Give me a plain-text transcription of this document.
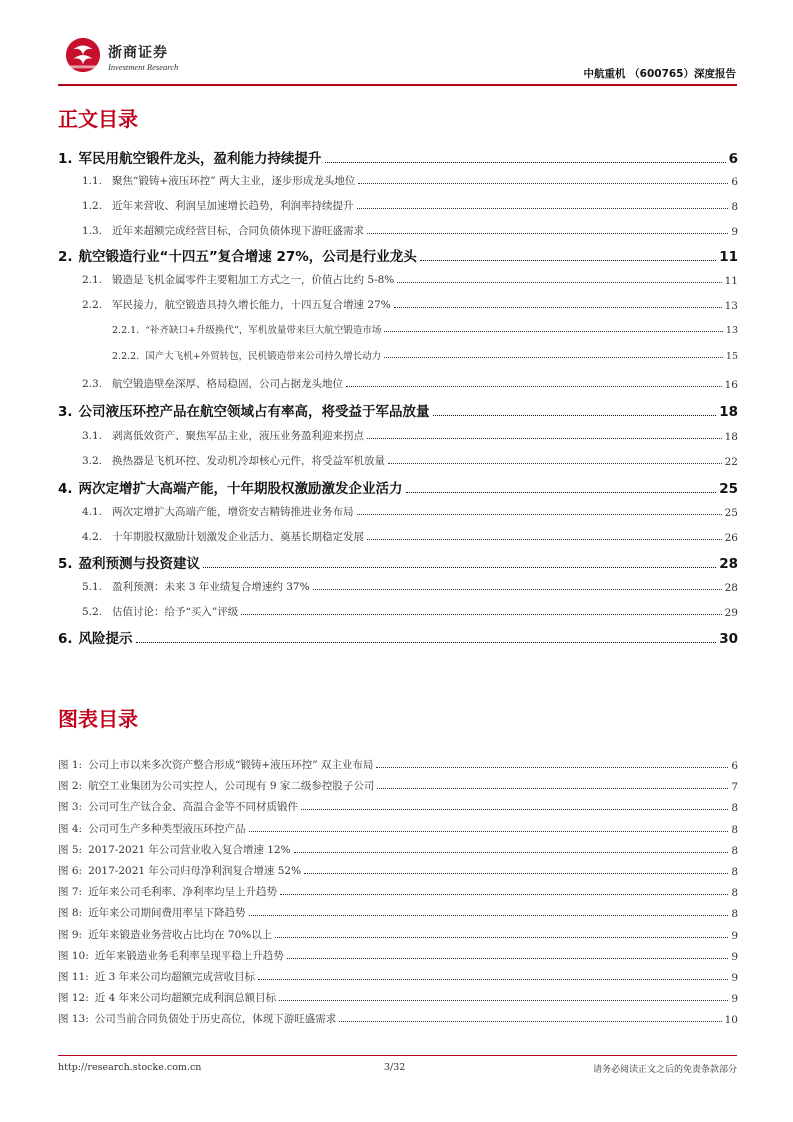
浙商证券
Investment Research
中航重机 （600765）深度报告
正文目录
1. 军民用航空锻件龙头，盈利能力持续提升	6
1.1. 聚焦“锻铸+液压环控” 两大主业，逐步形成龙头地位	6
1.2. 近年来营收、利润呈加速增长趋势，利润率持续提升	8
1.3. 近年来超额完成经营目标，合同负债体现下游旺盛需求	9
2. 航空锻造行业“十四五”复合增速 27%，公司是行业龙头	11
2.1. 锻造是飞机金属零件主要粗加工方式之一，价值占比约 5-8%	11
2.2. 军民接力，航空锻造具持久增长能力，十四五复合增速 27%	13
2.2.1. “补齐缺口+升级换代”，军机放量带来巨大航空锻造市场	13
2.2.2. 国产大飞机+外贸转包，民机锻造带来公司持久增长动力	15
2.3. 航空锻造壁垒深厚、格局稳固，公司占据龙头地位	16
3. 公司液压环控产品在航空领域占有率高，将受益于军品放量	18
3.1. 剥离低效资产、聚焦军品主业，液压业务盈利迎来拐点	18
3.2. 换热器是飞机环控、发动机冷却核心元件，将受益军机放量	22
4. 两次定增扩大高端产能，十年期股权激励激发企业活力	25
4.1. 两次定增扩大高端产能，增资安吉精铸推进业务布局	25
4.2. 十年期股权激励计划激发企业活力、奠基长期稳定发展	26
5. 盈利预测与投资建议	28
5.1. 盈利预测：未来 3 年业绩复合增速约 37%	28
5.2. 估值讨论：给予“买入”评级	29
6. 风险提示	30
图表目录
图 1: 公司上市以来多次资产整合形成“锻铸+液压环控” 双主业布局	6
图 2: 航空工业集团为公司实控人，公司现有 9 家二级参控股子公司	7
图 3: 公司可生产钛合金、高温合金等不同材质锻件	8
图 4: 公司可生产多种类型液压环控产品	8
图 5: 2017-2021 年公司营业收入复合增速 12%	8
图 6: 2017-2021 年公司归母净利润复合增速 52%	8
图 7: 近年来公司毛利率、净利率均呈上升趋势	8
图 8: 近年来公司期间费用率呈下降趋势	8
图 9: 近年来锻造业务营收占比均在 70%以上	9
图 10: 近年来锻造业务毛利率呈现平稳上升趋势	9
图 11: 近 3 年来公司均超额完成营收目标	9
图 12: 近 4 年来公司均超额完成利润总额目标	9
图 13: 公司当前合同负债处于历史高位，体现下游旺盛需求	10
http://research.stocke.com.cn	3/32	请务必阅读正文之后的免责条款部分
